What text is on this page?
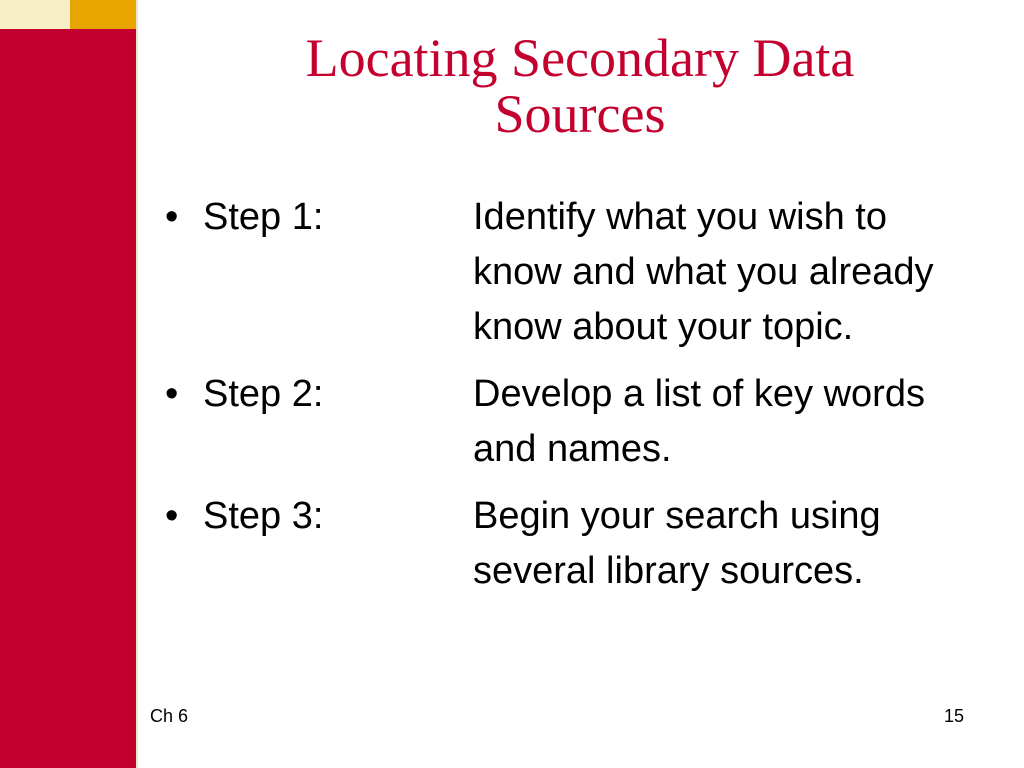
Locating Secondary Data
Sources
• Step 1:	Identify what you wish to know and what you already know about your topic.
• Step 2:	Develop a list of key words and names.
• Step 3:	Begin your search using several library sources.
Ch 6	15
